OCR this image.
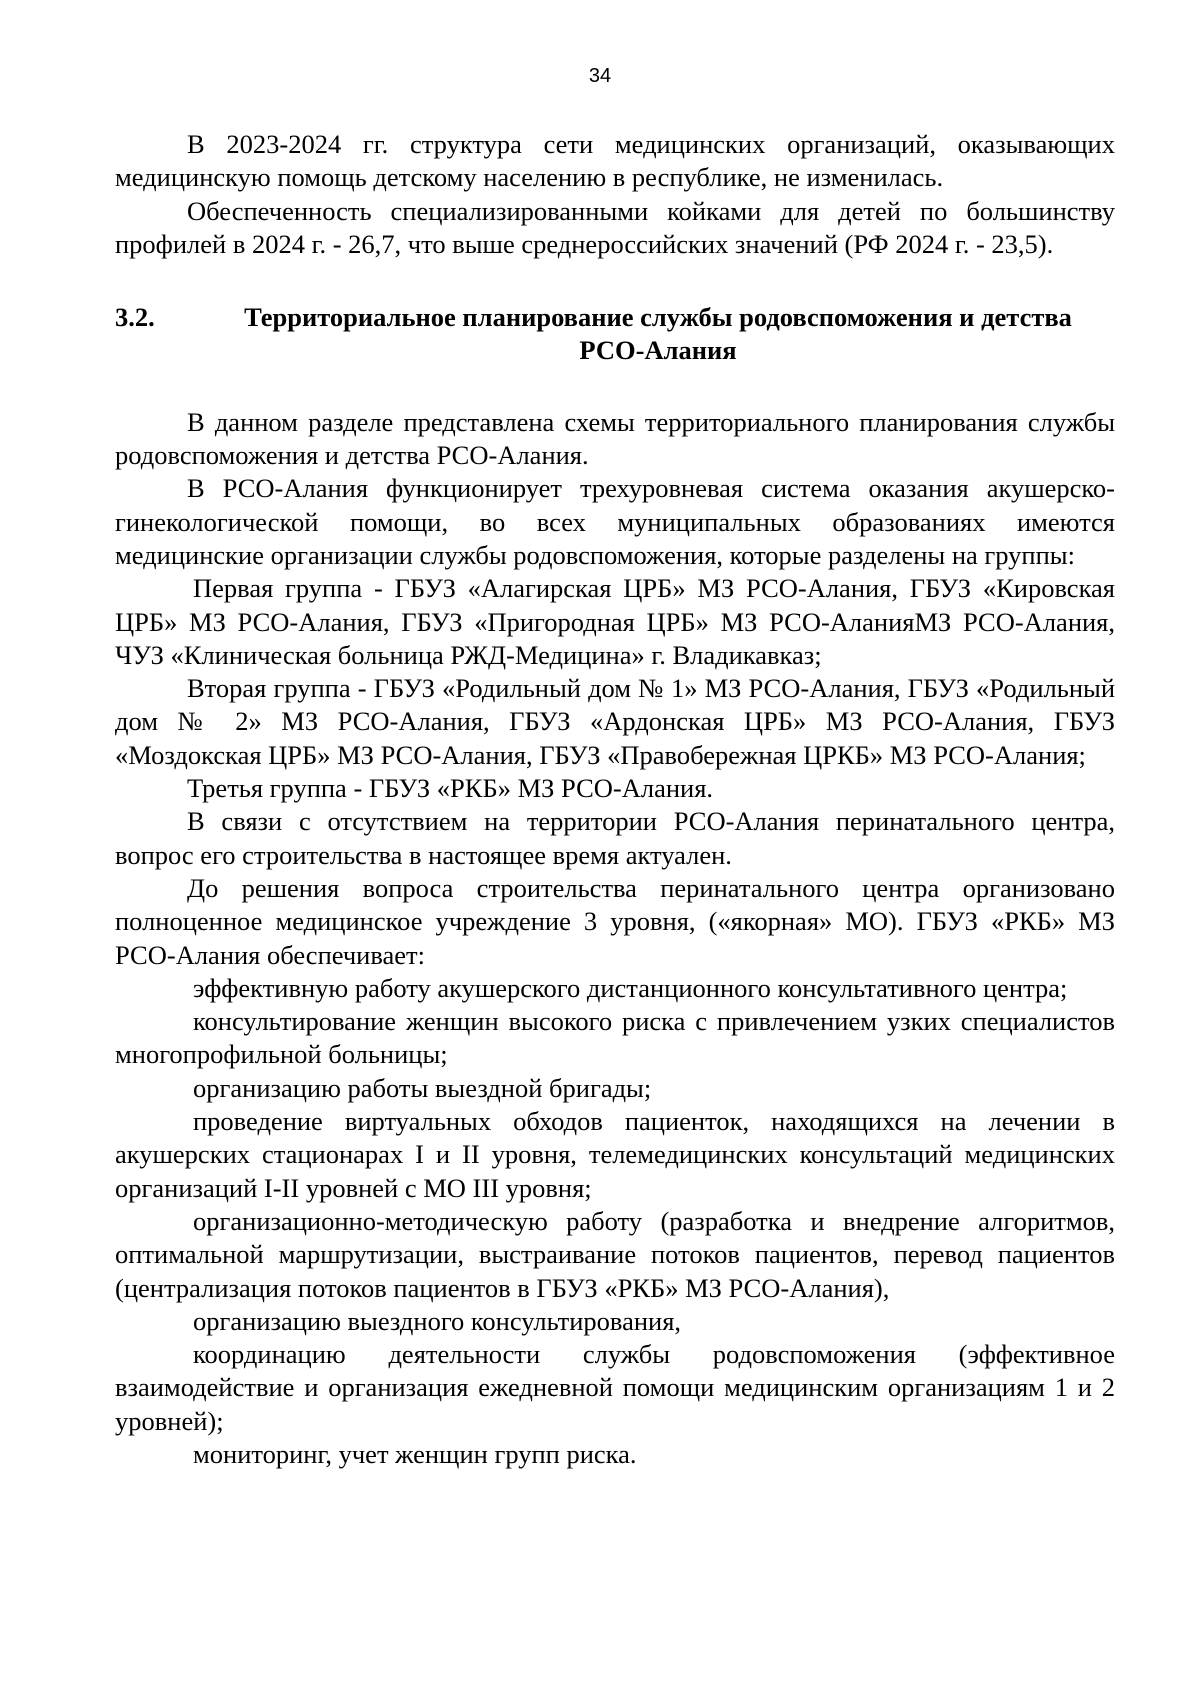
34

В 2023-2024 гг. структура сети медицинских организаций, оказывающих медицинскую помощь детскому населению в республике, не изменилась.

Обеспеченность специализированными койками для детей по большинству профилей в 2024 г. - 26,7, что выше среднероссийских значений (РФ 2024 г. - 23,5).

3.2.	Территориальное планирование службы родовспоможения и детства
РСО-Алания

В данном разделе представлена схемы территориального планирования службы родовспоможения и детства РСО-Алания.

В РСО-Алания функционирует трехуровневая система оказания акушерско-гинекологической помощи, во всех муниципальных образованиях имеются медицинские организации службы родовспоможения, которые разделены на группы:

Первая группа - ГБУЗ «Алагирская ЦРБ» МЗ РСО-Алания, ГБУЗ «Кировская ЦРБ» МЗ РСО-Алания, ГБУЗ «Пригородная ЦРБ» МЗ РСО-АланияМЗ РСО-Алания, ЧУЗ «Клиническая больница РЖД-Медицина» г. Владикавказ;

Вторая группа - ГБУЗ «Родильный дом № 1» МЗ РСО-Алания, ГБУЗ «Родильный дом № 2» МЗ РСО-Алания, ГБУЗ «Ардонская ЦРБ» МЗ РСО-Алания, ГБУЗ «Моздокская ЦРБ» МЗ РСО-Алания, ГБУЗ «Правобережная ЦРКБ» МЗ РСО-Алания;

Третья группа - ГБУЗ «РКБ» МЗ РСО-Алания.

В связи с отсутствием на территории РСО-Алания перинатального центра, вопрос его строительства в настоящее время актуален.

До решения вопроса строительства перинатального центра организовано полноценное медицинское учреждение 3 уровня, («якорная» МО). ГБУЗ «РКБ» МЗ РСО-Алания обеспечивает:

эффективную работу акушерского дистанционного консультативного центра;

консультирование женщин высокого риска с привлечением узких специалистов многопрофильной больницы;

организацию работы выездной бригады;

проведение виртуальных обходов пациенток, находящихся на лечении в акушерских стационарах I и II уровня, телемедицинских консультаций медицинских организаций I-II уровней с МО III уровня;

организационно-методическую работу (разработка и внедрение алгоритмов, оптимальной маршрутизации, выстраивание потоков пациентов, перевод пациентов (централизация потоков пациентов в ГБУЗ «РКБ» МЗ РСО-Алания),

организацию выездного консультирования,

координацию деятельности службы родовспоможения (эффективное взаимодействие и организация ежедневной помощи медицинским организациям 1 и 2 уровней);

мониторинг, учет женщин групп риска.
